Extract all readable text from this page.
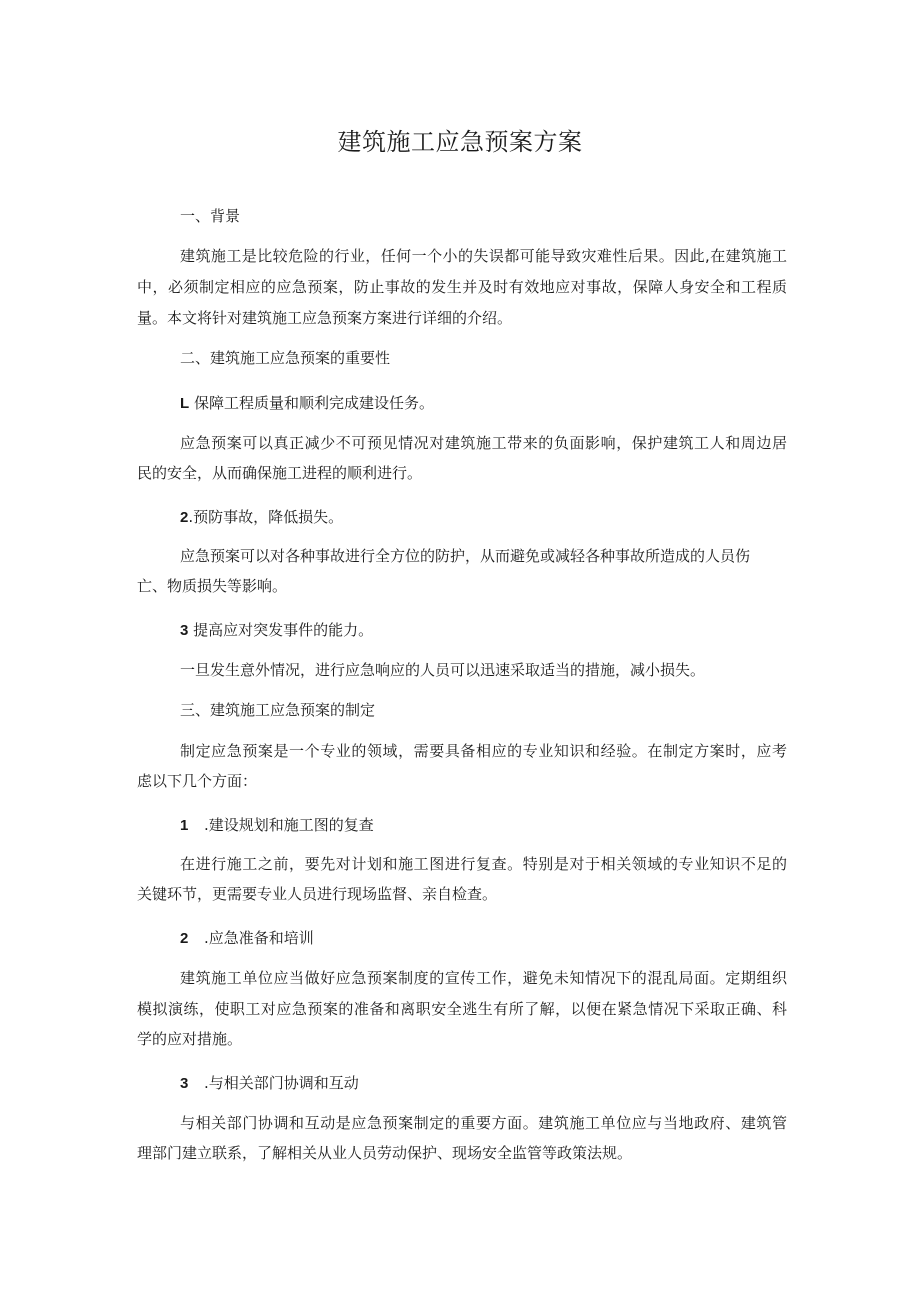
建筑施工应急预案方案

一、背景

建筑施工是比较危险的行业，任何一个小的失误都可能导致灾难性后果。因此,在建筑施工

中，必须制定相应的应急预案，防止事故的发生并及时有效地应对事故，保障人身安全和工程质

量。本文将针对建筑施工应急预案方案进行详细的介绍。

二、建筑施工应急预案的重要性

L 保障工程质量和顺利完成建设任务。

应急预案可以真正减少不可预见情况对建筑施工带来的负面影响，保护建筑工人和周边居

民的安全，从而确保施工进程的顺利进行。

2.预防事故，降低损失。

应急预案可以对各种事故进行全方位的防护，从而避免或减轻各种事故所造成的人员伤

亡、物质损失等影响。

3 提高应对突发事件的能力。

一旦发生意外情况，进行应急响应的人员可以迅速采取适当的措施，减小损失。

三、建筑施工应急预案的制定

制定应急预案是一个专业的领域，需要具备相应的专业知识和经验。在制定方案时，应考

虑以下几个方面：

1 .建设规划和施工图的复查

在进行施工之前，要先对计划和施工图进行复查。特别是对于相关领域的专业知识不足的

关键环节，更需要专业人员进行现场监督、亲自检查。

2 .应急准备和培训

建筑施工单位应当做好应急预案制度的宣传工作，避免未知情况下的混乱局面。定期组织

模拟演练，使职工对应急预案的准备和离职安全逃生有所了解，以便在紧急情况下采取正确、科

学的应对措施。

3 .与相关部门协调和互动

与相关部门协调和互动是应急预案制定的重要方面。建筑施工单位应与当地政府、建筑管

理部门建立联系，了解相关从业人员劳动保护、现场安全监管等政策法规。
